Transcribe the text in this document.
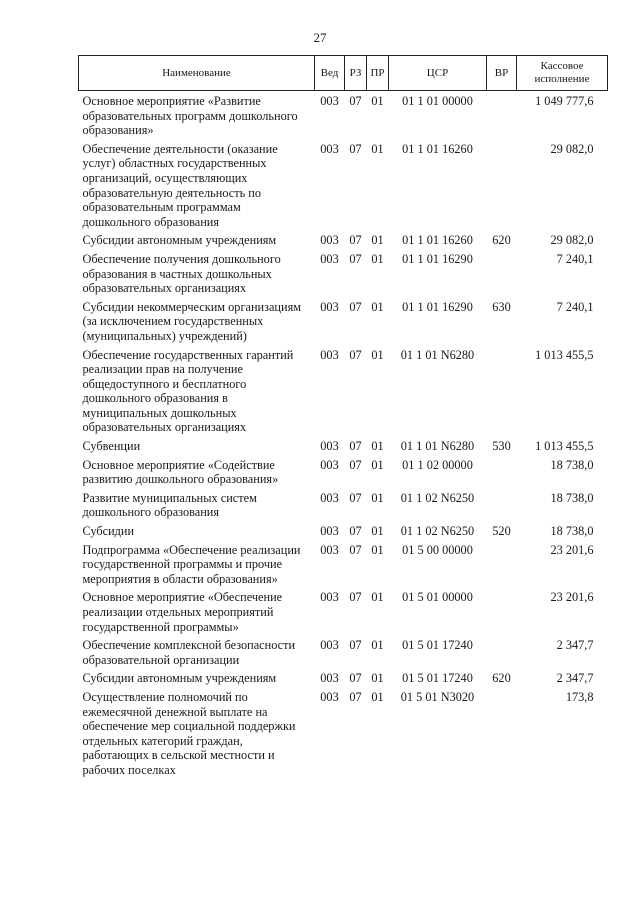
27
Наименование	Вед	РЗ	ПР	ЦСР	ВР	Кассовое исполнение
Основное мероприятие «Развитие образовательных программ дошкольного образования»	003	07	01	01 1 01 00000		1 049 777,6
Обеспечение деятельности (оказание услуг) областных государственных организаций, осуществляющих образовательную деятельность по образовательным программам дошкольного образования	003	07	01	01 1 01 16260		29 082,0
Субсидии автономным учреждениям	003	07	01	01 1 01 16260	620	29 082,0
Обеспечение получения дошкольного образования в частных дошкольных образовательных организациях	003	07	01	01 1 01 16290		7 240,1
Субсидии некоммерческим организациям (за исключением государственных (муниципальных) учреждений)	003	07	01	01 1 01 16290	630	7 240,1
Обеспечение государственных гарантий реализации прав на получение общедоступного и бесплатного дошкольного образования в муниципальных дошкольных образовательных организациях	003	07	01	01 1 01 N6280		1 013 455,5
Субвенции	003	07	01	01 1 01 N6280	530	1 013 455,5
Основное мероприятие «Содействие развитию дошкольного образования»	003	07	01	01 1 02 00000		18 738,0
Развитие муниципальных систем дошкольного образования	003	07	01	01 1 02 N6250		18 738,0
Субсидии	003	07	01	01 1 02 N6250	520	18 738,0
Подпрограмма «Обеспечение реализации государственной программы и прочие мероприятия в области образования»	003	07	01	01 5 00 00000		23 201,6
Основное мероприятие «Обеспечение реализации отдельных мероприятий государственной программы»	003	07	01	01 5 01 00000		23 201,6
Обеспечение комплексной безопасности образовательной организации	003	07	01	01 5 01 17240		2 347,7
Субсидии автономным учреждениям	003	07	01	01 5 01 17240	620	2 347,7
Осуществление полномочий по ежемесячной денежной выплате на обеспечение мер социальной поддержки отдельных категорий граждан, работающих в сельской местности и рабочих поселках	003	07	01	01 5 01 N3020		173,8
